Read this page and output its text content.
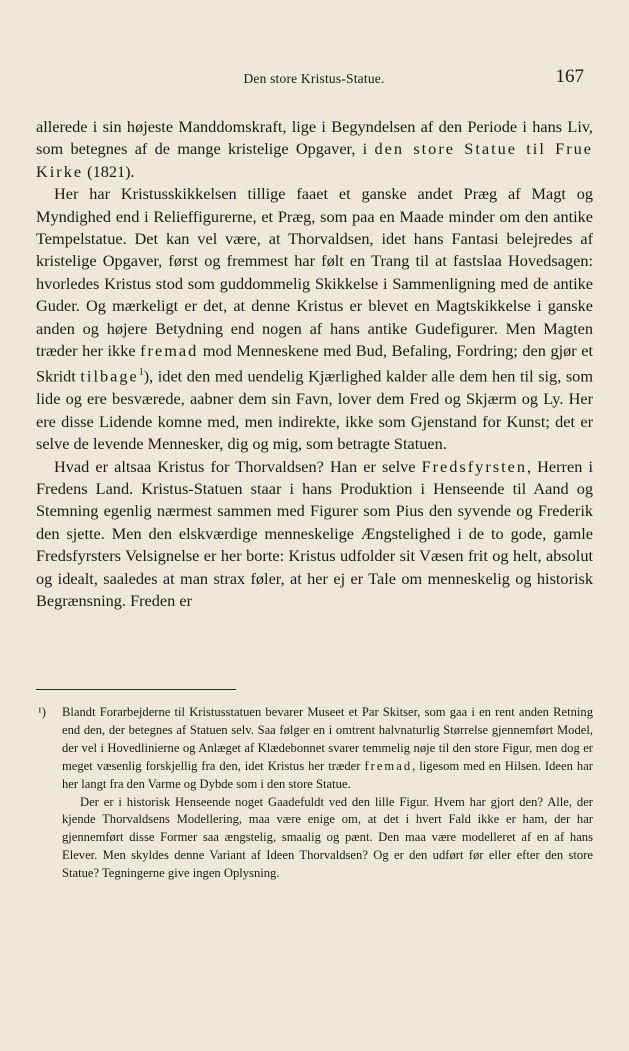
Den store Kristus-Statue.	167

allerede i sin højeste Manddomskraft, lige i Begyndelsen af den Periode i hans Liv, som betegnes af de mange kristelige Opgaver, i den store Statue til Frue Kirke (1821).

Her har Kristusskikkelsen tillige faaet et ganske andet Præg af Magt og Myndighed end i Relieffigurerne, et Præg, som paa en Maade minder om den antike Tempelstatue. Det kan vel være, at Thorvaldsen, idet hans Fantasi belejredes af kristelige Opgaver, først og fremmest har følt en Trang til at fastslaa Hovedsagen: hvorledes Kristus stod som guddommelig Skikkelse i Sammenligning med de antike Guder. Og mærkeligt er det, at denne Kristus er blevet en Magtskikkelse i ganske anden og højere Betydning end nogen af hans antike Gudefigurer. Men Magten træder her ikke fremad mod Menneskene med Bud, Befaling, Fordring; den gjør et Skridt tilbage$^1$), idet den med uendelig Kjærlighed kalder alle dem hen til sig, som lide og ere besværede, aabner dem sin Favn, lover dem Fred og Skjærm og Ly. Her ere disse Lidende komne med, men indirekte, ikke som Gjenstand for Kunst; det er selve de levende Mennesker, dig og mig, som betragte Statuen.

Hvad er altsaa Kristus for Thorvaldsen? Han er selve Fredsfyrsten, Herren i Fredens Land. Kristus-Statuen staar i hans Produktion i Henseende til Aand og Stemning egenlig nærmest sammen med Figurer som Pius den syvende og Frederik den sjette. Men den elskværdige menneskelige Ængstelighed i de to gode, gamle Fredsfyrsters Velsignelse er her borte: Kristus udfolder sit Væsen frit og helt, absolut og idealt, saaledes at man strax føler, at her ej er Tale om menneskelig og historisk Begrænsning. Freden er

¹) Blandt Forarbejderne til Kristusstatuen bevarer Museet et Par Skitser, som gaa i en rent anden Retning end den, der betegnes af Statuen selv. Saa følger en i omtrent halvnaturlig Størrelse gjennemført Model, der vel i Hovedlinierne og Anlæget af Klædebonnet svarer temmelig nøje til den store Figur, men dog er meget væsenlig forskjellig fra den, idet Kristus her træder fremad, ligesom med en Hilsen. Ideen har her langt fra den Varme og Dybde som i den store Statue.

Der er i historisk Henseende noget Gaadefuldt ved den lille Figur. Hvem har gjort den? Alle, der kjende Thorvaldsens Modellering, maa være enige om, at det i hvert Fald ikke er ham, der har gjennemført disse Former saa ængstelig, smaalig og pænt. Den maa være modelleret af en af hans Elever. Men skyldes denne Variant af Ideen Thorvaldsen? Og er den udført før eller efter den store Statue? Tegningerne give ingen Oplysning.
